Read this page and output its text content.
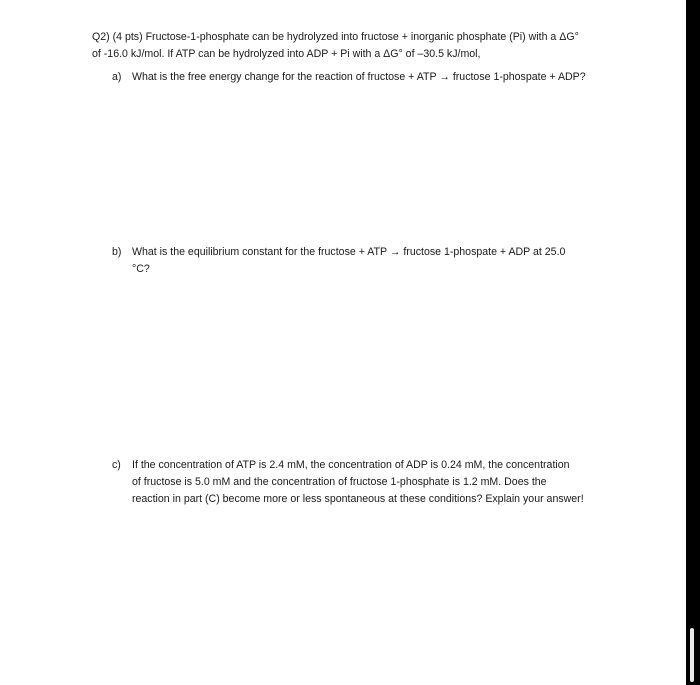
Q2) (4 pts) Fructose-1-phosphate can be hydrolyzed into fructose + inorganic phosphate (Pi) with a ΔG°
of -16.0 kJ/mol. If ATP can be hydrolyzed into ADP + Pi with a ΔG° of –30.5 kJ/mol,
a) What is the free energy change for the reaction of fructose + ATP → fructose 1-phospate + ADP?
b) What is the equilibrium constant for the fructose + ATP → fructose 1-phospate + ADP at 25.0
°C?
c)	If the concentration of ATP is 2.4 mM, the concentration of ADP is 0.24 mM, the concentration
of fructose is 5.0 mM and the concentration of fructose 1-phosphate is 1.2 mM. Does the
reaction in part (C) become more or less spontaneous at these conditions? Explain your answer!
